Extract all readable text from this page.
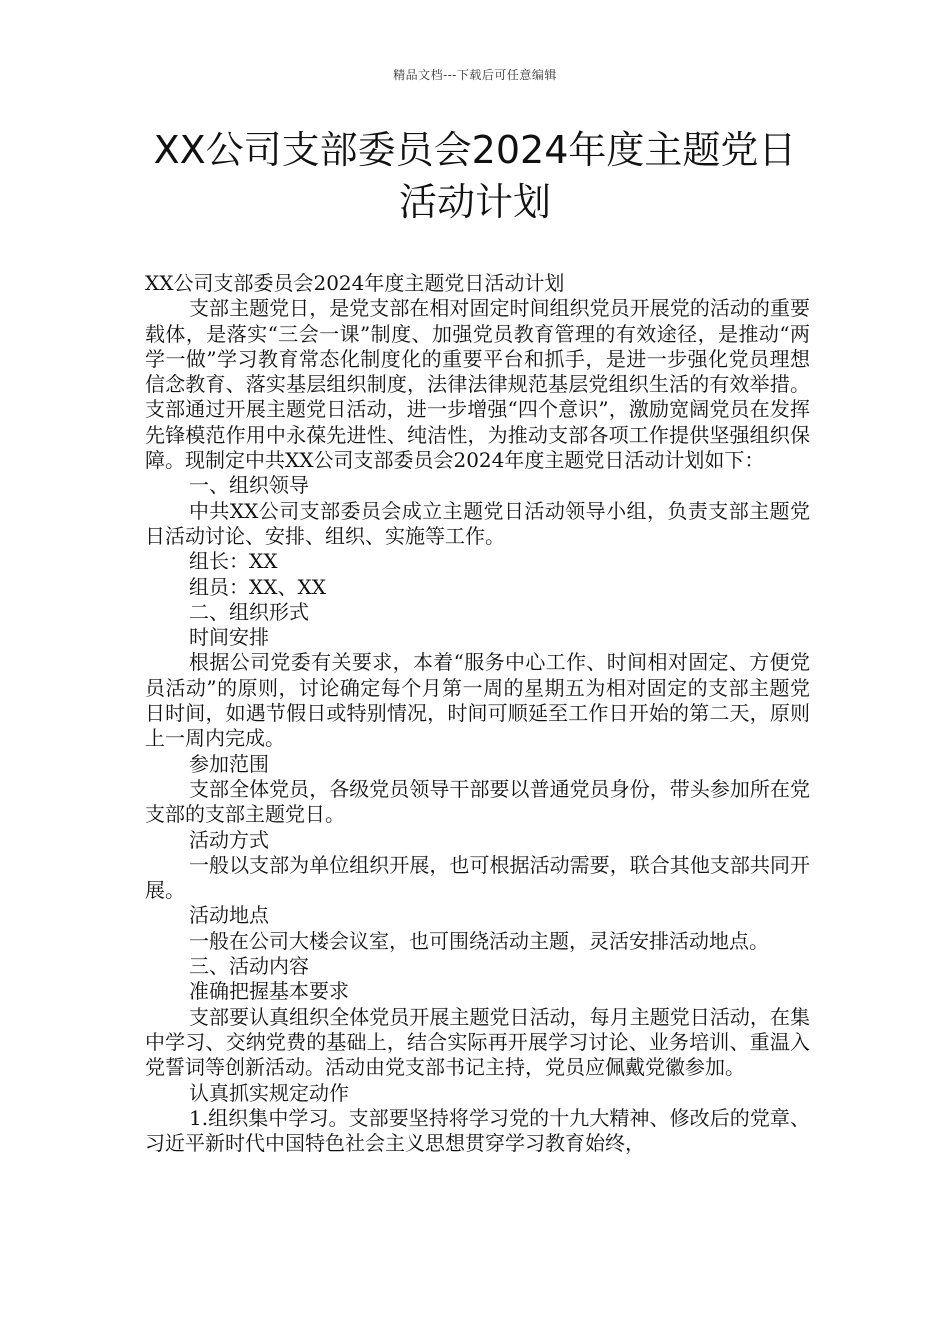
精品文档---下载后可任意编辑
XX公司支部委员会2024年度主题党日
活动计划

XX公司支部委员会2024年度主题党日活动计划

支部主题党日，是党支部在相对固定时间组织党员开展党的活动的重要载体，是落实“三会一课”制度、加强党员教育管理的有效途径，是推动“两学一做”学习教育常态化制度化的重要平台和抓手，是进一步强化党员理想信念教育、落实基层组织制度，法律法律规范基层党组织生活的有效举措。支部通过开展主题党日活动，进一步增强“四个意识”，激励宽阔党员在发挥先锋模范作用中永葆先进性、纯洁性，为推动支部各项工作提供坚强组织保障。现制定中共XX公司支部委员会2024年度主题党日活动计划如下：

一、组织领导

中共XX公司支部委员会成立主题党日活动领导小组，负责支部主题党日活动讨论、安排、组织、实施等工作。

组长：XX

组员：XX、XX

二、组织形式

时间安排

根据公司党委有关要求，本着“服务中心工作、时间相对固定、方便党员活动”的原则，讨论确定每个月第一周的星期五为相对固定的支部主题党日时间，如遇节假日或特别情况，时间可顺延至工作日开始的第二天，原则上一周内完成。

参加范围

支部全体党员，各级党员领导干部要以普通党员身份，带头参加所在党支部的支部主题党日。

活动方式

一般以支部为单位组织开展，也可根据活动需要，联合其他支部共同开展。

活动地点

一般在公司大楼会议室，也可围绕活动主题，灵活安排活动地点。

三、活动内容

准确把握基本要求

支部要认真组织全体党员开展主题党日活动，每月主题党日活动，在集中学习、交纳党费的基础上，结合实际再开展学习讨论、业务培训、重温入党誓词等创新活动。活动由党支部书记主持，党员应佩戴党徽参加。

认真抓实规定动作

1.组织集中学习。支部要坚持将学习党的十九大精神、修改后的党章、习近平新时代中国特色社会主义思想贯穿学习教育始终，
